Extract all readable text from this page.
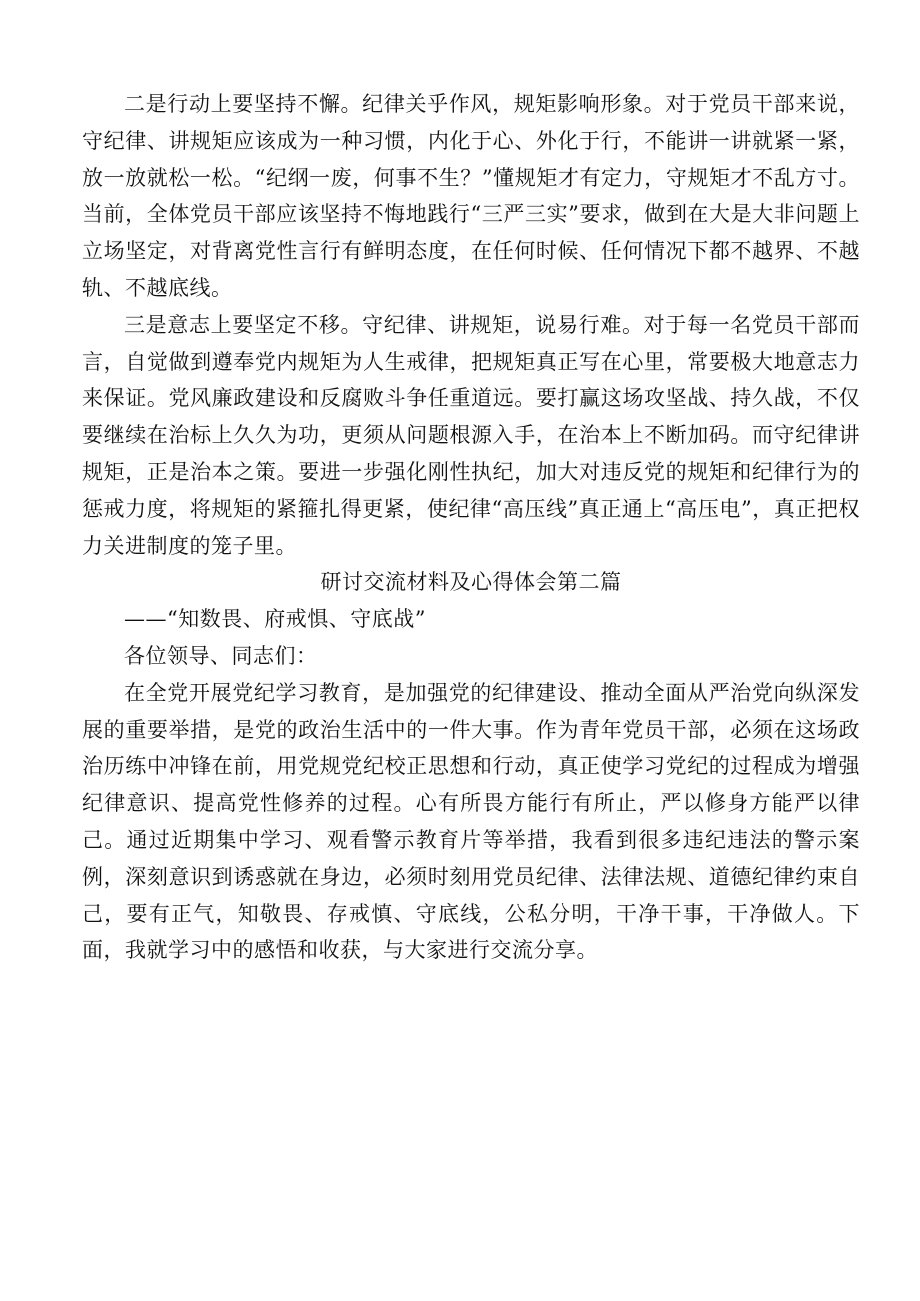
二是行动上要坚持不懈。纪律关乎作风，规矩影响形象。对于党员干部来说，守纪律、讲规矩应该成为一种习惯，内化于心、外化于行，不能讲一讲就紧一紧，放一放就松一松。“纪纲一废，何事不生？”懂规矩才有定力，守规矩才不乱方寸。当前，全体党员干部应该坚持不悔地践行“三严三实”要求，做到在大是大非问题上立场坚定，对背离党性言行有鲜明态度，在任何时候、任何情况下都不越界、不越轨、不越底线。

三是意志上要坚定不移。守纪律、讲规矩，说易行难。对于每一名党员干部而言，自觉做到遵奉党内规矩为人生戒律，把规矩真正写在心里，常要极大地意志力来保证。党风廉政建设和反腐败斗争任重道远。要打赢这场攻坚战、持久战，不仅要继续在治标上久久为功，更须从问题根源入手，在治本上不断加码。而守纪律讲规矩，正是治本之策。要进一步强化刚性执纪，加大对违反党的规矩和纪律行为的惩戒力度，将规矩的紧箍扎得更紧，使纪律“高压线”真正通上“高压电”，真正把权力关进制度的笼子里。

研讨交流材料及心得体会第二篇

——“知数畏、府戒惧、守底战”

各位领导、同志们：

在全党开展党纪学习教育，是加强党的纪律建设、推动全面从严治党向纵深发展的重要举措，是党的政治生活中的一件大事。作为青年党员干部，必须在这场政治历练中冲锋在前，用党规党纪校正思想和行动，真正使学习党纪的过程成为增强纪律意识、提高党性修养的过程。心有所畏方能行有所止，严以修身方能严以律己。通过近期集中学习、观看警示教育片等举措，我看到很多违纪违法的警示案例，深刻意识到诱惑就在身边，必须时刻用党员纪律、法律法规、道德纪律约束自己，要有正气，知敬畏、存戒慎、守底线，公私分明，干净干事，干净做人。下面，我就学习中的感悟和收获，与大家进行交流分享。
